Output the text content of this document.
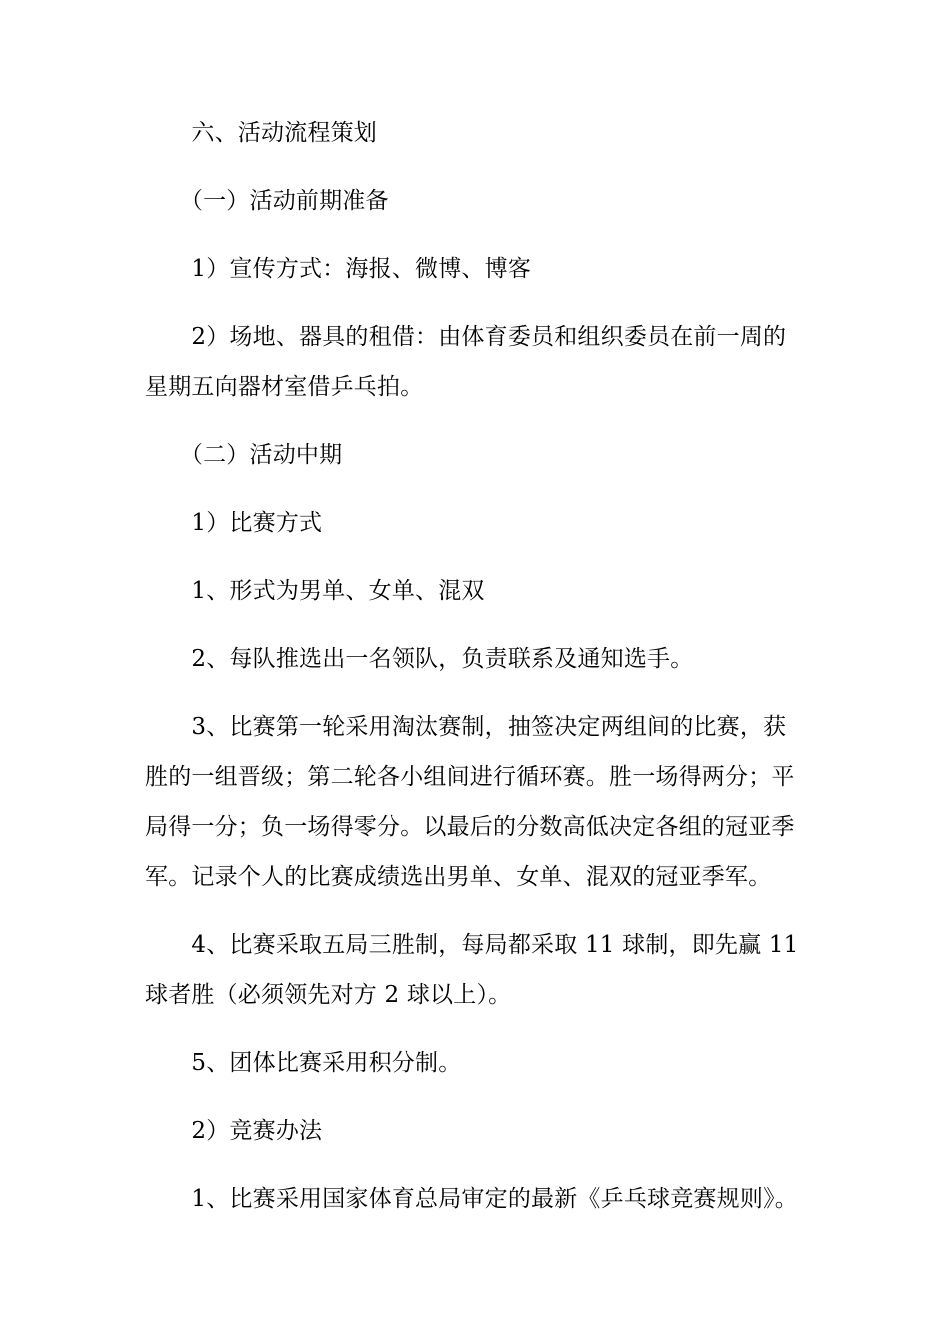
　　六、活动流程策划
　　（一）活动前期准备
　　1）宣传方式：海报、微博、博客
　　2）场地、器具的租借：由体育委员和组织委员在前一周的
星期五向器材室借乒乓拍。
　　（二）活动中期
　　1）比赛方式
　　1、形式为男单、女单、混双
　　2、每队推选出一名领队，负责联系及通知选手。
　　3、比赛第一轮采用淘汰赛制，抽签决定两组间的比赛，获
胜的一组晋级；第二轮各小组间进行循环赛。胜一场得两分；平
局得一分；负一场得零分。以最后的分数高低决定各组的冠亚季
军。记录个人的比赛成绩选出男单、女单、混双的冠亚季军。
　　4、比赛采取五局三胜制，每局都采取 11 球制，即先赢 11
球者胜（必须领先对方 2 球以上）。
　　5、团体比赛采用积分制。
　　2）竞赛办法
　　1、比赛采用国家体育总局审定的最新《乒乓球竞赛规则》。
